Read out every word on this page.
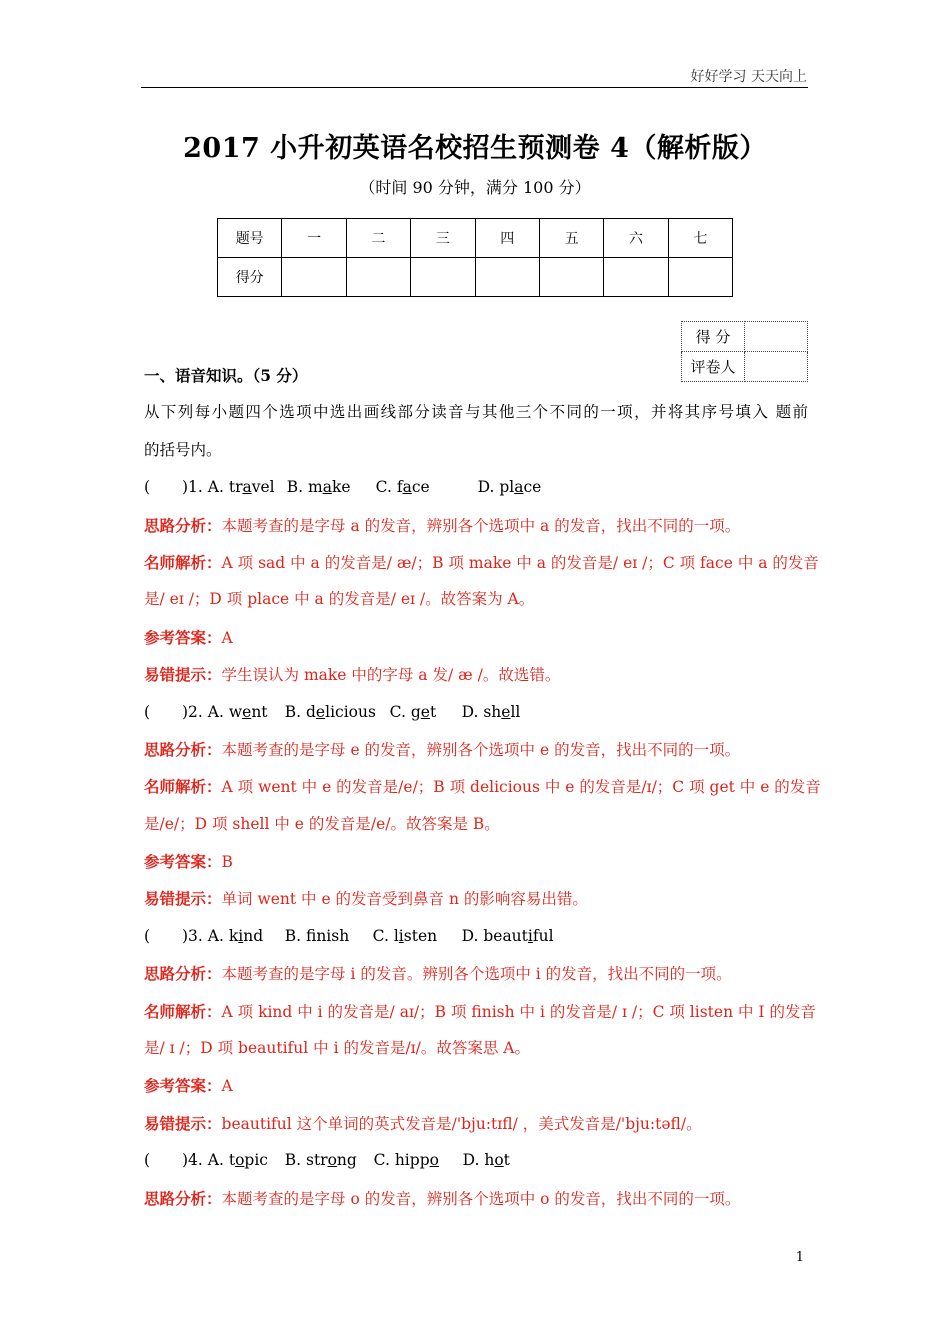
好好学习 天天向上
2017 小升初英语名校招生预测卷 4（解析版）
（时间 90 分钟，满分 100 分）
题号	一	二	三	四	五	六	七
得分							
得 分	
评卷人	
一、语音知识。（5 分）
从下列每小题四个选项中选出画线部分读音与其他三个不同的一项，并将其序号填入 题前
的括号内。
( )1. A. travel B. make C. face	D. place
思路分析：本题考查的是字母 a 的发音，辨别各个选项中 a 的发音，找出不同的一项。
名师解析：A 项 sad 中 a 的发音是/ æ/；B 项 make 中 a 的发音是/ eɪ /；C 项 face 中 a 的发音
是/ eɪ /；D 项 place 中 a 的发音是/ eɪ /。故答案为 A。
参考答案：A
易错提示：学生误认为 make 中的字母 a 发/ æ /。故选错。
( )2. A. went B. delicious C. get D. shell
思路分析：本题考查的是字母 e 的发音，辨别各个选项中 e 的发音，找出不同的一项。
名师解析：A 项 went 中 e 的发音是/e/；B 项 delicious 中 e 的发音是/ɪ/；C 项 get 中 e 的发音
是/e/；D 项 shell 中 e 的发音是/e/。故答案是 B。
参考答案：B
易错提示：单词 went 中 e 的发音受到鼻音 n 的影响容易出错。
( )3. A. kind B. fnish C. listen D. beautiful
思路分析：本题考查的是字母 i 的发音。辨别各个选项中 i 的发音，找出不同的一项。
名师解析：A 项 kind 中 i 的发音是/ aɪ/；B 项 finish 中 i 的发音是/ ɪ /；C 项 listen 中 I 的发音
是/ ɪ /；D 项 beautiful 中 i 的发音是/ɪ/。故答案思 A。
参考答案：A
易错提示：beautiful 这个单词的英式发音是/'bju:tɪfl/ ，美式发音是/'bju:təfl/。
( )4. A. topic B. strong C. hippo D. hot
思路分析：本题考查的是字母 o 的发音，辨别各个选项中 o 的发音，找出不同的一项。
1
